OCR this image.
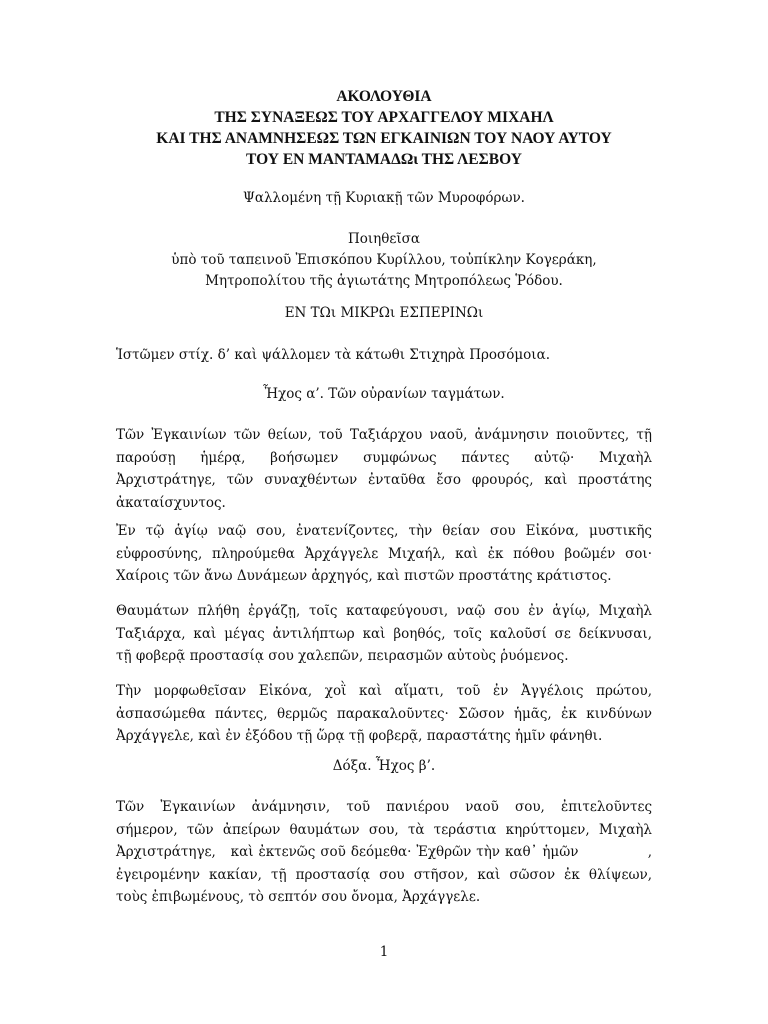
ΑΚΟΛΟΥΘΙΑ
ΤΗΣ ΣΥΝΑΞΕΩΣ ΤΟΥ ΑΡΧΑΓΓΕΛΟΥ ΜΙΧΑΗΛ
ΚΑΙ ΤΗΣ ΑΝΑΜΝΗΣΕΩΣ ΤΩΝ ΕΓΚΑΙΝΙΩΝ ΤΟΥ ΝΑΟΥ ΑΥΤΟΥ
ΤΟΥ ΕΝ ΜΑΝΤΑΜΑΔΩι ΤΗΣ ΛΕΣΒΟΥ
Ψαλλομένη τῇ Κυριακῇ τῶν Μυροφόρων.
Ποιηθεῖσα
ὑπὸ τοῦ ταπεινοῦ Ἐπισκόπου Κυρίλλου, τοὐπίκλην Κογεράκη,
Μητροπολίτου τῆς ἁγιωτάτης Μητροπόλεως Ῥόδου.
ΕΝ ΤΩι ΜΙΚΡΩι ΕΣΠΕΡΙΝΩι
Ἱστῶμεν στίχ. δ’ καὶ ψάλλομεν τὰ κάτωθι Στιχηρὰ Προσόμοια.
Ἦχος α’. Τῶν οὐρανίων ταγμάτων.
Τῶν Ἐγκαινίων τῶν θείων, τοῦ Ταξιάρχου ναοῦ, ἀνάμνησιν ποιοῦντες, τῇ
παρούσῃ ἡμέρᾳ, βοήσωμεν συμφώνως πάντες αὐτῷ· Μιχαὴλ
Ἀρχιστράτηγε, τῶν συναχθέντων ἐνταῦθα ἔσο φρουρός, καὶ προστάτης
ἀκαταίσχυντος.
Ἐν τῷ ἁγίῳ ναῷ σου, ἐνατενίζοντες, τὴν θείαν σου Εἰκόνα, μυστικῆς
εὐφροσύνης, πληρούμεθα Ἀρχάγγελε Μιχαήλ, καὶ ἐκ πόθου βοῶμέν σοι·
Χαίροις τῶν ἄνω Δυνάμεων ἀρχηγός, καὶ πιστῶν προστάτης κράτιστος.
Θαυμάτων πλήθη ἐργάζῃ, τοῖς καταφεύγουσι, ναῷ σου ἐν ἁγίῳ, Μιχαὴλ
Ταξιάρχα, καὶ μέγας ἀντιλήπτωρ καὶ βοηθός, τοῖς καλοῦσί σε δείκνυσαι,
τῇ φοβερᾷ προστασίᾳ σου χαλεπῶν, πειρασμῶν αὐτοὺς ῥυόμενος.
Τὴν μορφωθεῖσαν Εἰκόνα, χοῒ καὶ αἵματι, τοῦ ἐν Ἀγγέλοις πρώτου,
ἀσπασώμεθα πάντες, θερμῶς παρακαλοῦντες· Σῶσον ἡμᾶς, ἐκ κινδύνων
Ἀρχάγγελε, καὶ ἐν ἐξόδου τῇ ὥρᾳ τῇ φοβερᾷ, παραστάτης ἡμῖν φάνηθι.
Δόξα. Ἦχος β’.
Τῶν Ἐγκαινίων ἀνάμνησιν, τοῦ πανιέρου ναοῦ σου, ἐπιτελοῦντες
σήμερον, τῶν ἀπείρων θαυμάτων σου, τὰ τεράστια κηρύττομεν, Μιχαὴλ
Ἀρχιστράτηγε,   καὶ ἐκτενῶς σοῦ δεόμεθα· Ἐχθρῶν τὴν καθ᾽ ἡμῶν              ,
ἐγειρομένην κακίαν, τῇ προστασίᾳ σου στῆσον, καὶ σῶσον ἐκ θλίψεων,
τοὺς ἐπιβωμένους, τὸ σεπτόν σου ὄνομα, Ἀρχάγγελε.
1
